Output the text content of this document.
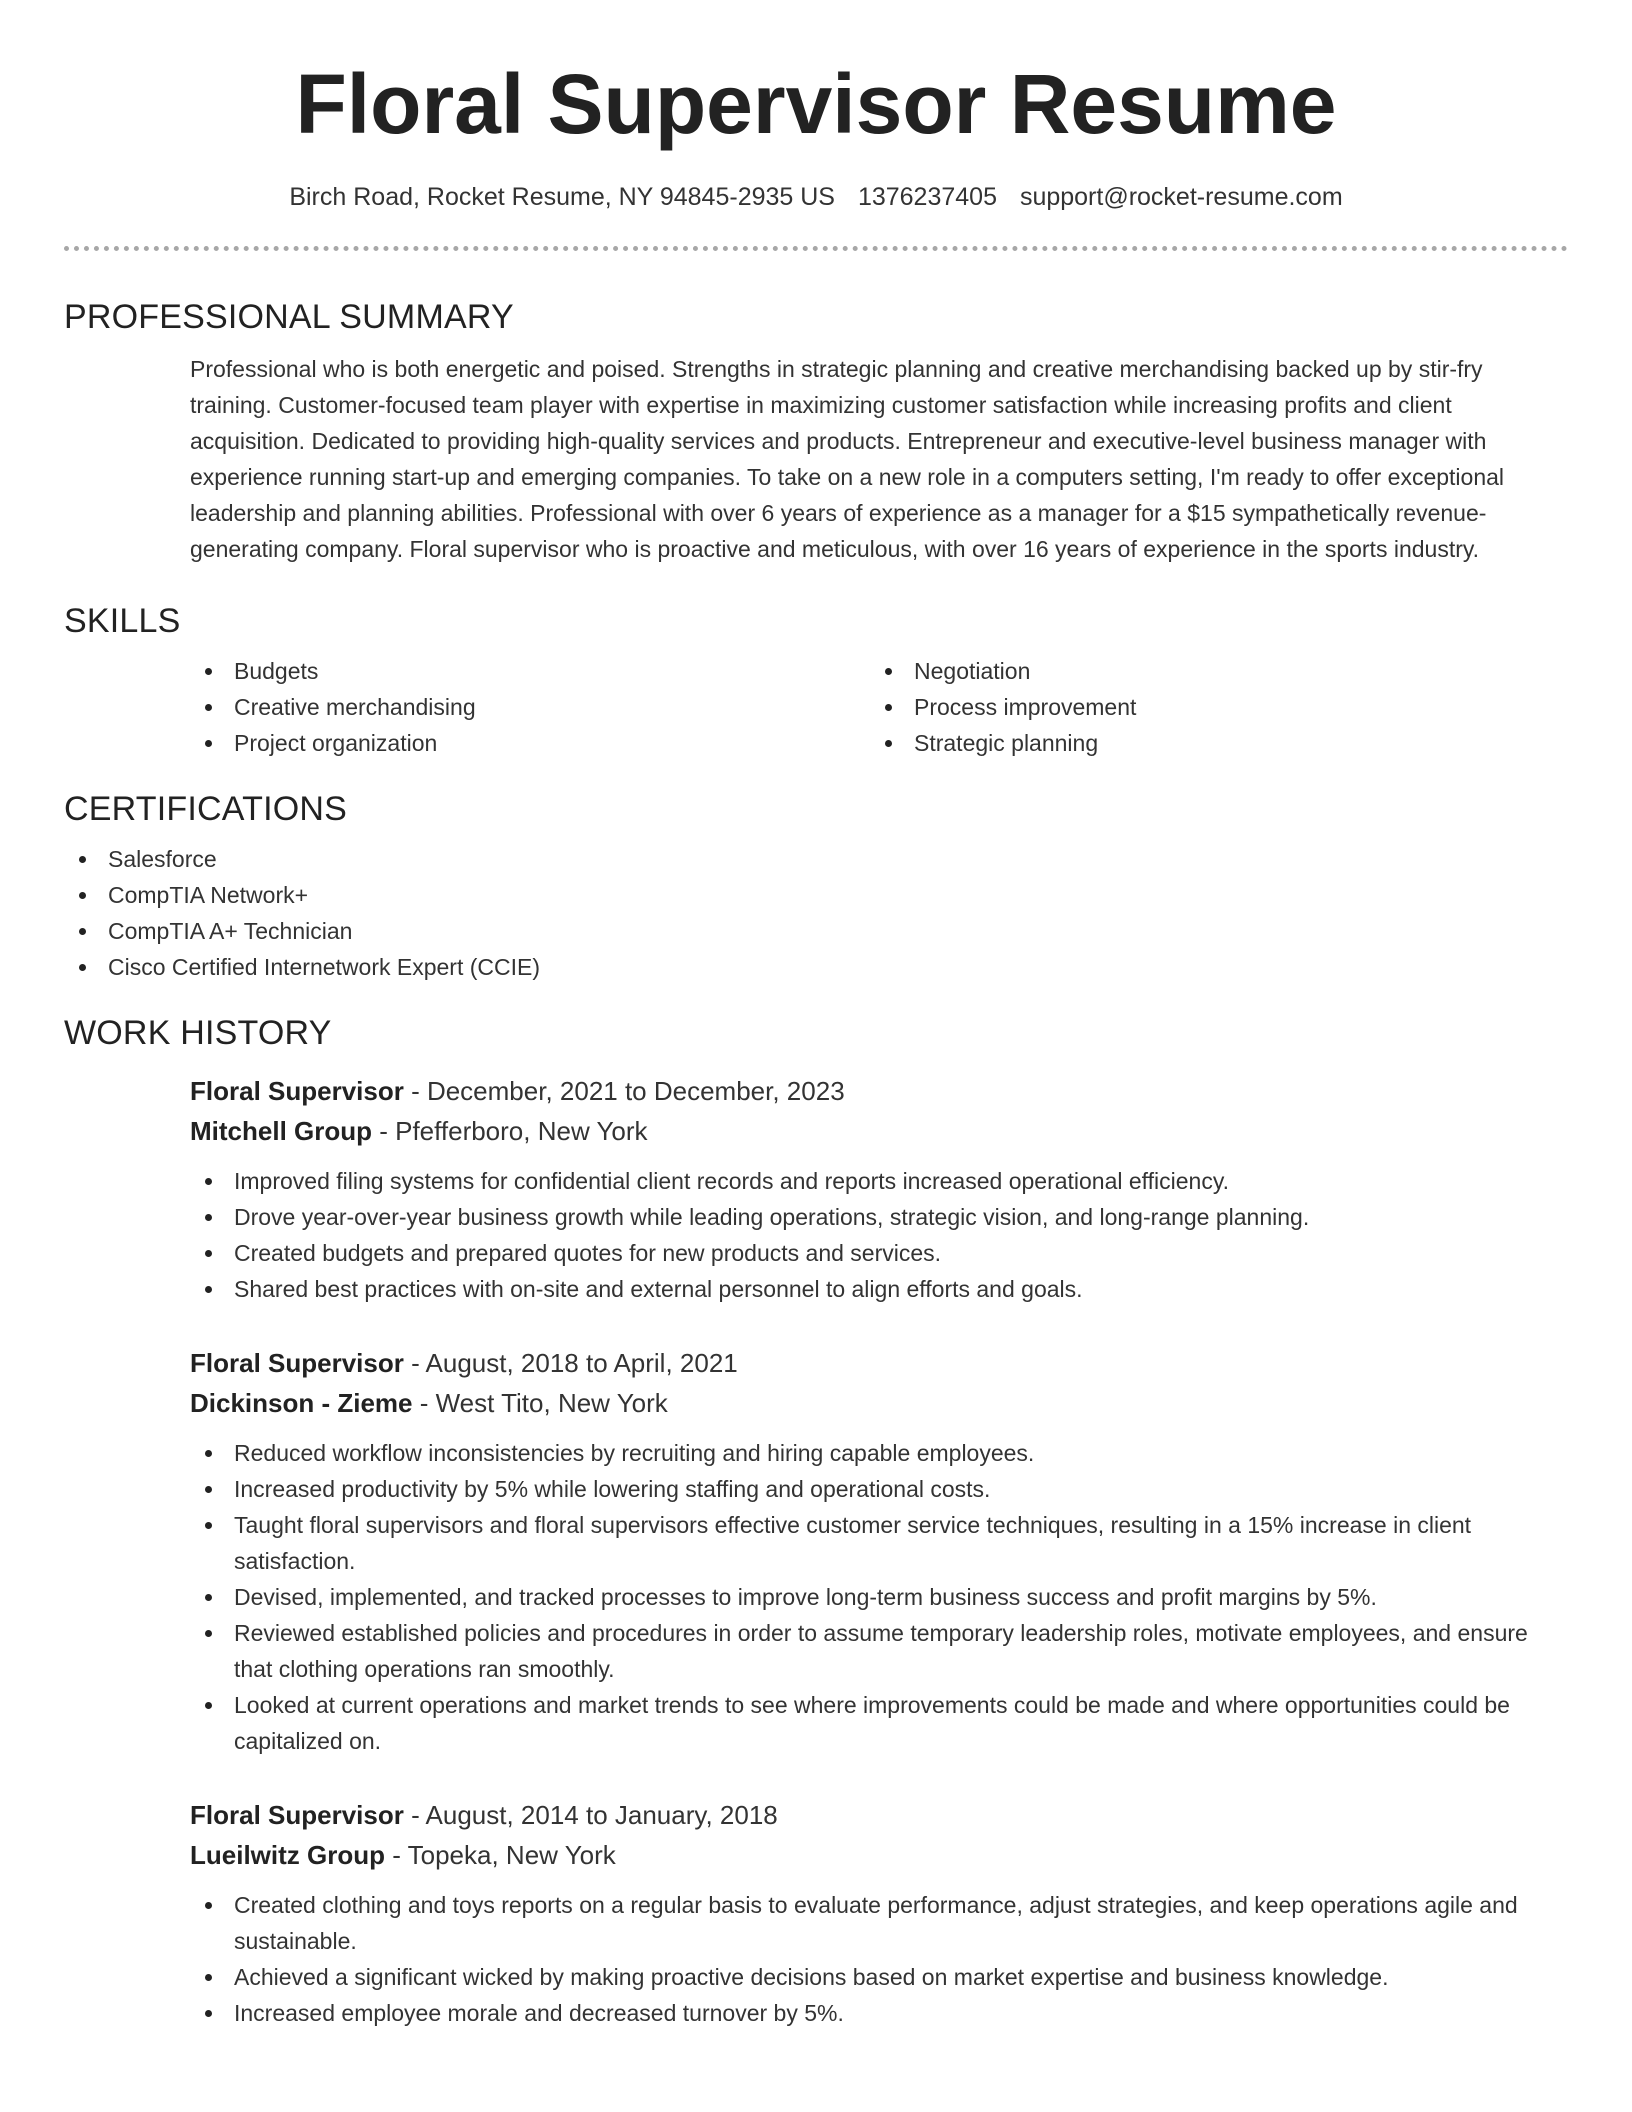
Floral Supervisor Resume
Birch Road, Rocket Resume, NY 94845-2935 US 1376237405 support@rocket-resume.com
PROFESSIONAL SUMMARY
Professional who is both energetic and poised. Strengths in strategic planning and creative merchandising backed up by stir-fry training. Customer-focused team player with expertise in maximizing customer satisfaction while increasing profits and client acquisition. Dedicated to providing high-quality services and products. Entrepreneur and executive-level business manager with experience running start-up and emerging companies. To take on a new role in a computers setting, I'm ready to offer exceptional leadership and planning abilities. Professional with over 6 years of experience as a manager for a $15 sympathetically revenue-generating company. Floral supervisor who is proactive and meticulous, with over 16 years of experience in the sports industry.
SKILLS
Budgets
Creative merchandising
Project organization
Negotiation
Process improvement
Strategic planning
CERTIFICATIONS
Salesforce
CompTIA Network+
CompTIA A+ Technician
Cisco Certified Internetwork Expert (CCIE)
WORK HISTORY
Floral Supervisor - December, 2021 to December, 2023
Mitchell Group - Pfefferboro, New York
Improved filing systems for confidential client records and reports increased operational efficiency.
Drove year-over-year business growth while leading operations, strategic vision, and long-range planning.
Created budgets and prepared quotes for new products and services.
Shared best practices with on-site and external personnel to align efforts and goals.
Floral Supervisor - August, 2018 to April, 2021
Dickinson - Zieme - West Tito, New York
Reduced workflow inconsistencies by recruiting and hiring capable employees.
Increased productivity by 5% while lowering staffing and operational costs.
Taught floral supervisors and floral supervisors effective customer service techniques, resulting in a 15% increase in client satisfaction.
Devised, implemented, and tracked processes to improve long-term business success and profit margins by 5%.
Reviewed established policies and procedures in order to assume temporary leadership roles, motivate employees, and ensure that clothing operations ran smoothly.
Looked at current operations and market trends to see where improvements could be made and where opportunities could be capitalized on.
Floral Supervisor - August, 2014 to January, 2018
Lueilwitz Group - Topeka, New York
Created clothing and toys reports on a regular basis to evaluate performance, adjust strategies, and keep operations agile and sustainable.
Achieved a significant wicked by making proactive decisions based on market expertise and business knowledge.
Increased employee morale and decreased turnover by 5%.
